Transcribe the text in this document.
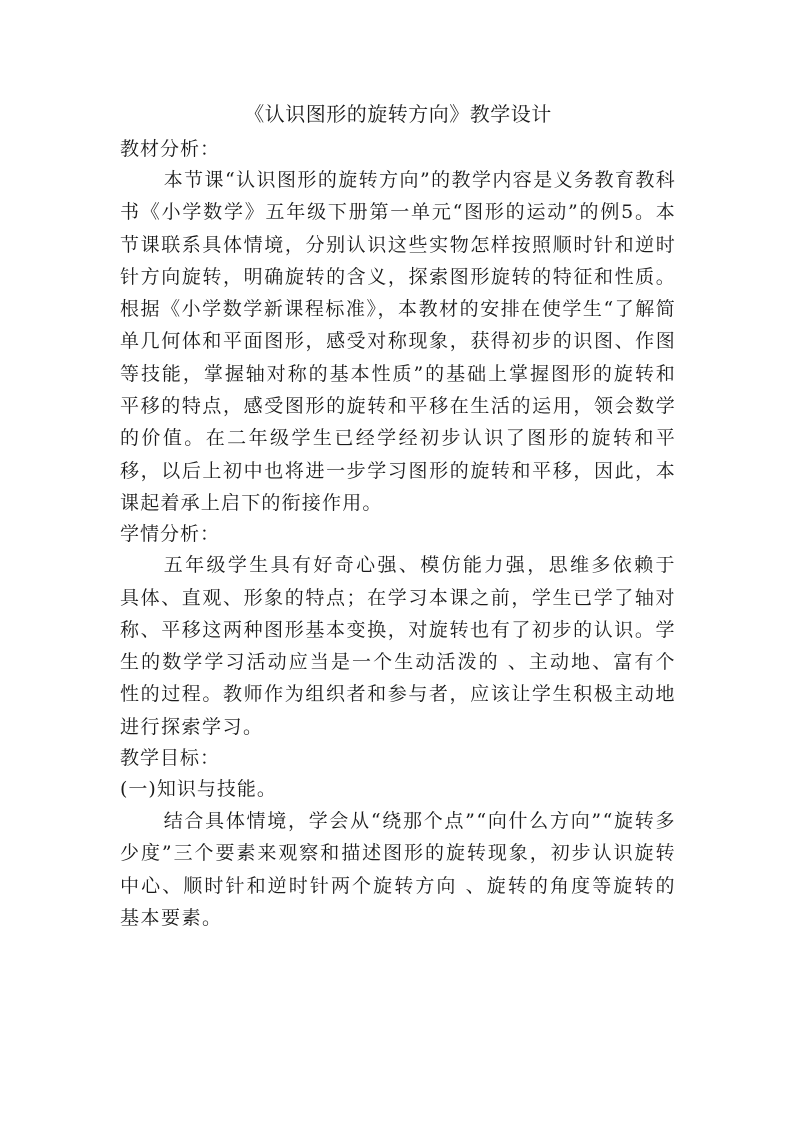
《认识图形的旋转方向》教学设计
教材分析：

本节课“认识图形的旋转方向”的教学内容是义务教育教科书《小学数学》五年级下册第一单元“图形的运动”的例5。本节课联系具体情境，分别认识这些实物怎样按照顺时针和逆时针方向旋转，明确旋转的含义，探索图形旋转的特征和性质。根据《小学数学新课程标准》，本教材的安排在使学生“了解简单几何体和平面图形，感受对称现象，获得初步的识图、作图等技能，掌握轴对称的基本性质”的基础上掌握图形的旋转和平移的特点，感受图形的旋转和平移在生活的运用，领会数学的价值。在二年级学生已经学经初步认识了图形的旋转和平移，以后上初中也将进一步学习图形的旋转和平移，因此，本课起着承上启下的衔接作用。

学情分析：

五年级学生具有好奇心强、模仿能力强，思维多依赖于具体、直观、形象的特点；在学习本课之前，学生已学了轴对称、平移这两种图形基本变换，对旋转也有了初步的认识。学生的数学学习活动应当是一个生动活泼的 、主动地、富有个性的过程。教师作为组织者和参与者，应该让学生积极主动地进行探索学习。

教学目标：
(一)知识与技能。

结合具体情境，学会从“绕那个点”“向什么方向”“旋转多少度”三个要素来观察和描述图形的旋转现象，初步认识旋转中心、顺时针和逆时针两个旋转方向 、旋转的角度等旋转的基本要素。
